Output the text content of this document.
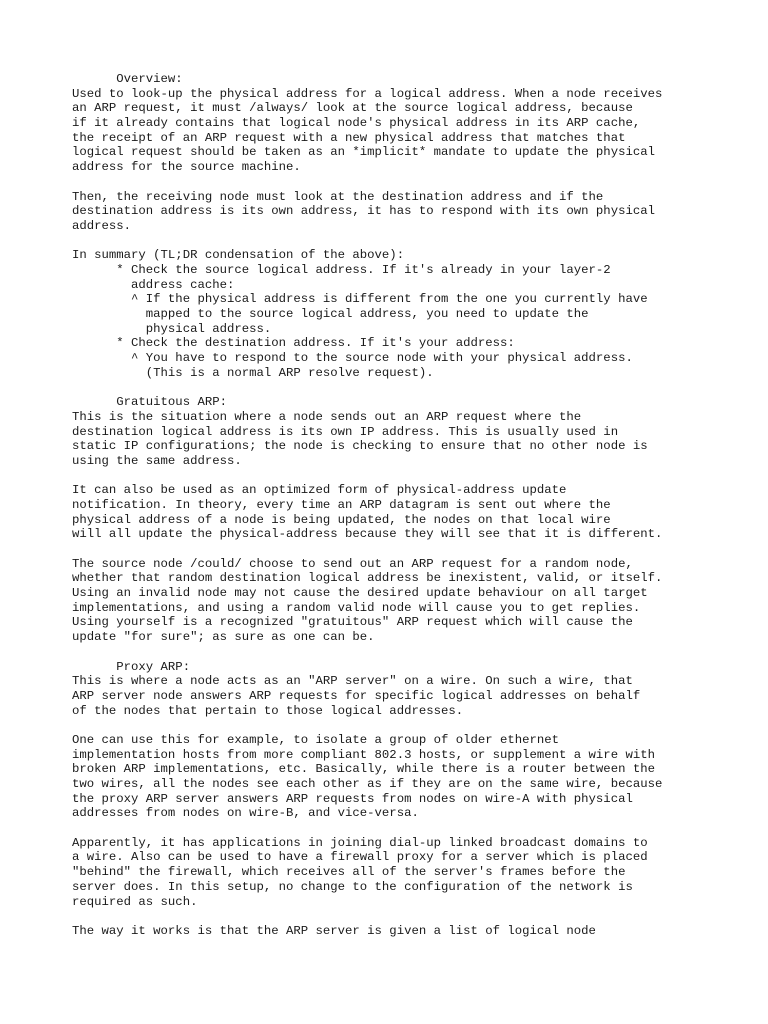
Overview:
Used to look-up the physical address for a logical address. When a node receives
an ARP request, it must /always/ look at the source logical address, because
if it already contains that logical node's physical address in its ARP cache,
the receipt of an ARP request with a new physical address that matches that
logical request should be taken as an *implicit* mandate to update the physical
address for the source machine.
Then, the receiving node must look at the destination address and if the
destination address is its own address, it has to respond with its own physical
address.
In summary (TL;DR condensation of the above):
* Check the source logical address. If it's already in your layer-2
address cache:
^ If the physical address is different from the one you currently have
mapped to the source logical address, you need to update the
physical address.
* Check the destination address. If it's your address:
^ You have to respond to the source node with your physical address.
(This is a normal ARP resolve request).
Gratuitous ARP:
This is the situation where a node sends out an ARP request where the
destination logical address is its own IP address. This is usually used in
static IP configurations; the node is checking to ensure that no other node is
using the same address.
It can also be used as an optimized form of physical-address update
notification. In theory, every time an ARP datagram is sent out where the
physical address of a node is being updated, the nodes on that local wire
will all update the physical-address because they will see that it is different.
The source node /could/ choose to send out an ARP request for a random node,
whether that random destination logical address be inexistent, valid, or itself.
Using an invalid node may not cause the desired update behaviour on all target
implementations, and using a random valid node will cause you to get replies.
Using yourself is a recognized "gratuitous" ARP request which will cause the
update "for sure"; as sure as one can be.
Proxy ARP:
This is where a node acts as an "ARP server" on a wire. On such a wire, that
ARP server node answers ARP requests for specific logical addresses on behalf
of the nodes that pertain to those logical addresses.
One can use this for example, to isolate a group of older ethernet
implementation hosts from more compliant 802.3 hosts, or supplement a wire with
broken ARP implementations, etc. Basically, while there is a router between the
two wires, all the nodes see each other as if they are on the same wire, because
the proxy ARP server answers ARP requests from nodes on wire-A with physical
addresses from nodes on wire-B, and vice-versa.
Apparently, it has applications in joining dial-up linked broadcast domains to
a wire. Also can be used to have a firewall proxy for a server which is placed
"behind" the firewall, which receives all of the server's frames before the
server does. In this setup, no change to the configuration of the network is
required as such.
The way it works is that the ARP server is given a list of logical node
